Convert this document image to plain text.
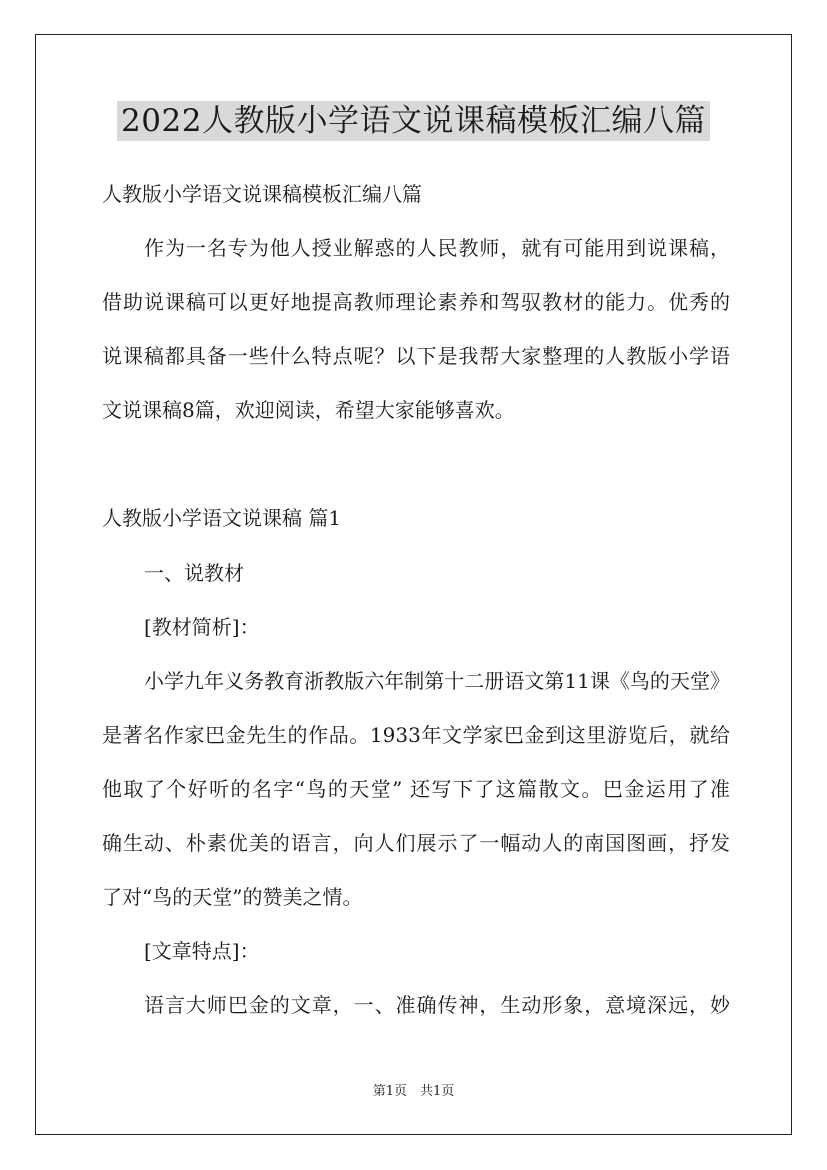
2022人教版小学语文说课稿模板汇编八篇
人教版小学语文说课稿模板汇编八篇
作为一名专为他人授业解惑的人民教师，就有可能用到说课稿，
借助说课稿可以更好地提高教师理论素养和驾驭教材的能力。优秀的
说课稿都具备一些什么特点呢？以下是我帮大家整理的人教版小学语
文说课稿8篇，欢迎阅读，希望大家能够喜欢。
人教版小学语文说课稿 篇1
一、说教材
[教材简析]：
小学九年义务教育浙教版六年制第十二册语文第11课《鸟的天堂》
是著名作家巴金先生的作品。1933年文学家巴金到这里游览后，就给
他取了个好听的名字“鸟的天堂” 还写下了这篇散文。巴金运用了准
确生动、朴素优美的语言，向人们展示了一幅动人的南国图画，抒发
了对“鸟的天堂”的赞美之情。
[文章特点]：
语言大师巴金的文章，一、准确传神，生动形象，意境深远，妙
第1页　共1页
